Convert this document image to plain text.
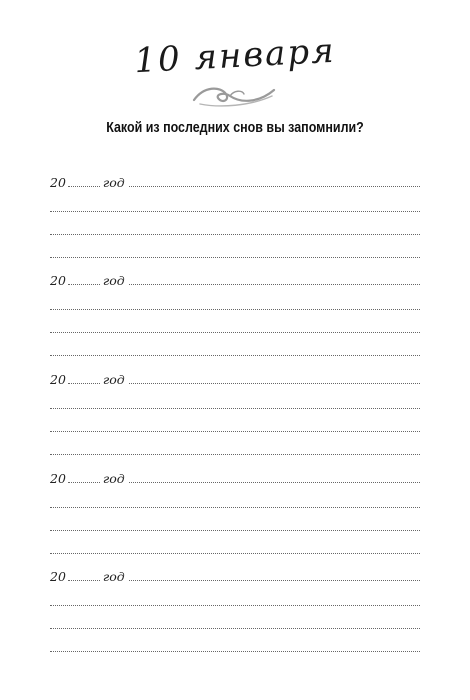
10 января
Какой из последних снов вы запомнили?
20	год
20	год
20	год
20	год
20	год
